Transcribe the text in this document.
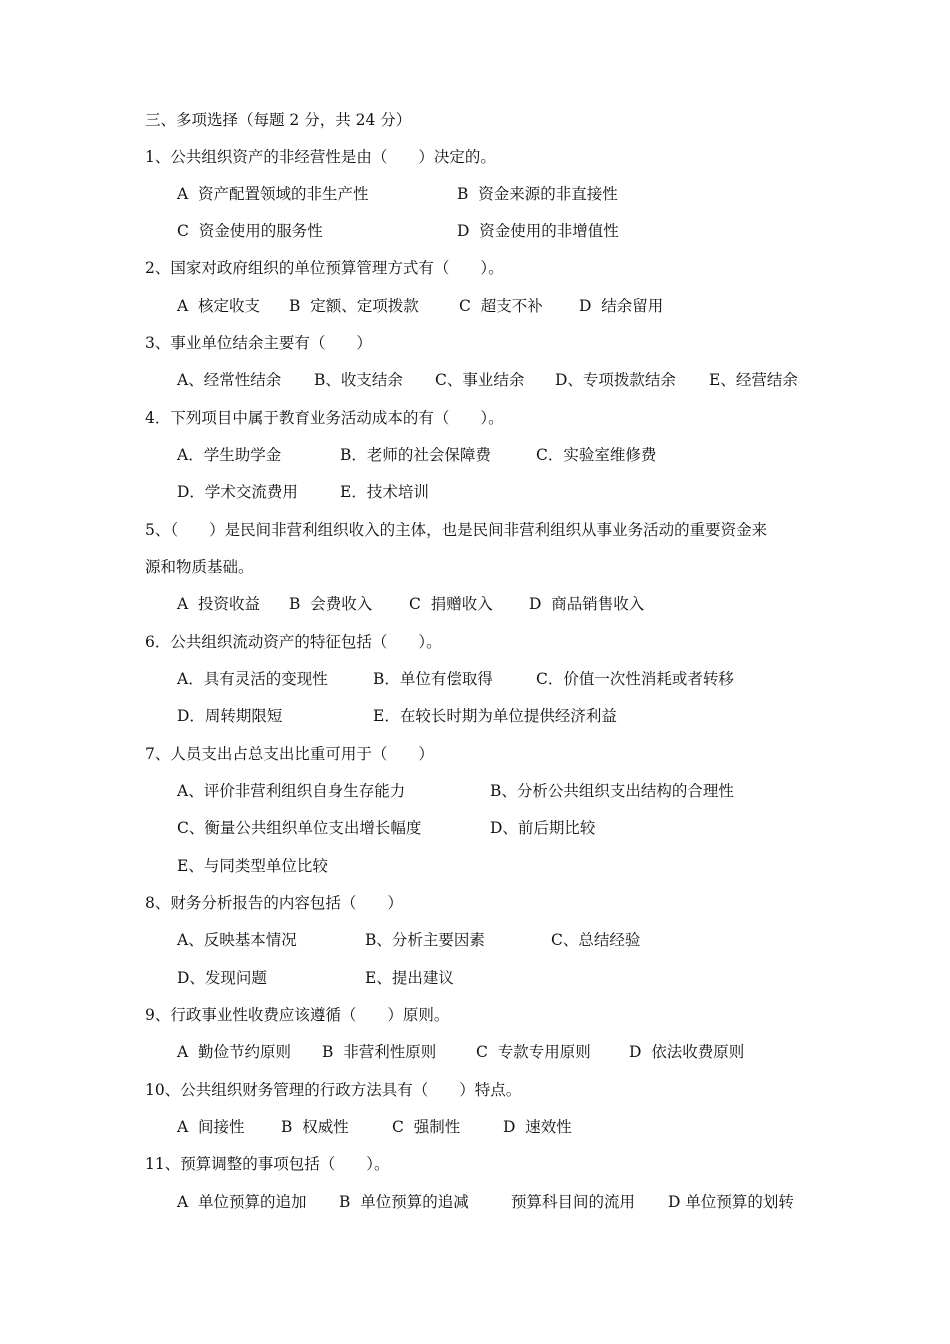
三、多项选择（每题 2 分，共 24 分）
1、公共组织资产的非经营性是由（　　）决定的。
A  资产配置领域的非生产性	B  资金来源的非直接性
C  资金使用的服务性	D  资金使用的非增值性
2、国家对政府组织的单位预算管理方式有（　　）。
A  核定收支 B  定额、定项拨款	C  超支不补 D  结余留用
3、事业单位结余主要有（　　）
A、经常性结余 B、收支结余 C、事业结余 D、专项拨款结余 E、经营结余
4．下列项目中属于教育业务活动成本的有（　　）。
A．学生助学金	B．老师的社会保障费	C．实验室维修费
D．学术交流费用	E．技术培训
5、（　　）是民间非营利组织收入的主体，也是民间非营利组织从事业务活动的重要资金来
源和物质基础。
A  投资收益 B  会费收入 C  捐赠收入 D  商品销售收入
6．公共组织流动资产的特征包括（　　）。
A．具有灵活的变现性	B．单位有偿取得	C．价值一次性消耗或者转移
D．周转期限短	E．在较长时期为单位提供经济利益
7、人员支出占总支出比重可用于（　　）
A、评价非营利组织自身生存能力	B、分析公共组织支出结构的合理性
C、衡量公共组织单位支出增长幅度	D、前后期比较
E、与同类型单位比较
8、财务分析报告的内容包括（　　）
A、反映基本情况	B、分析主要因素	C、总结经验
D、发现问题	E、提出建议
9、行政事业性收费应该遵循（　　）原则。
A  勤俭节约原则 B  非营利性原则	C  专款专用原则 D  依法收费原则
10、公共组织财务管理的行政方法具有（　　）特点。
A  间接性 B  权威性	C  强制性	D  速效性
11、预算调整的事项包括（　　）。
A  单位预算的追加 B  单位预算的追减	预算科目间的流用 D 单位预算的划转
